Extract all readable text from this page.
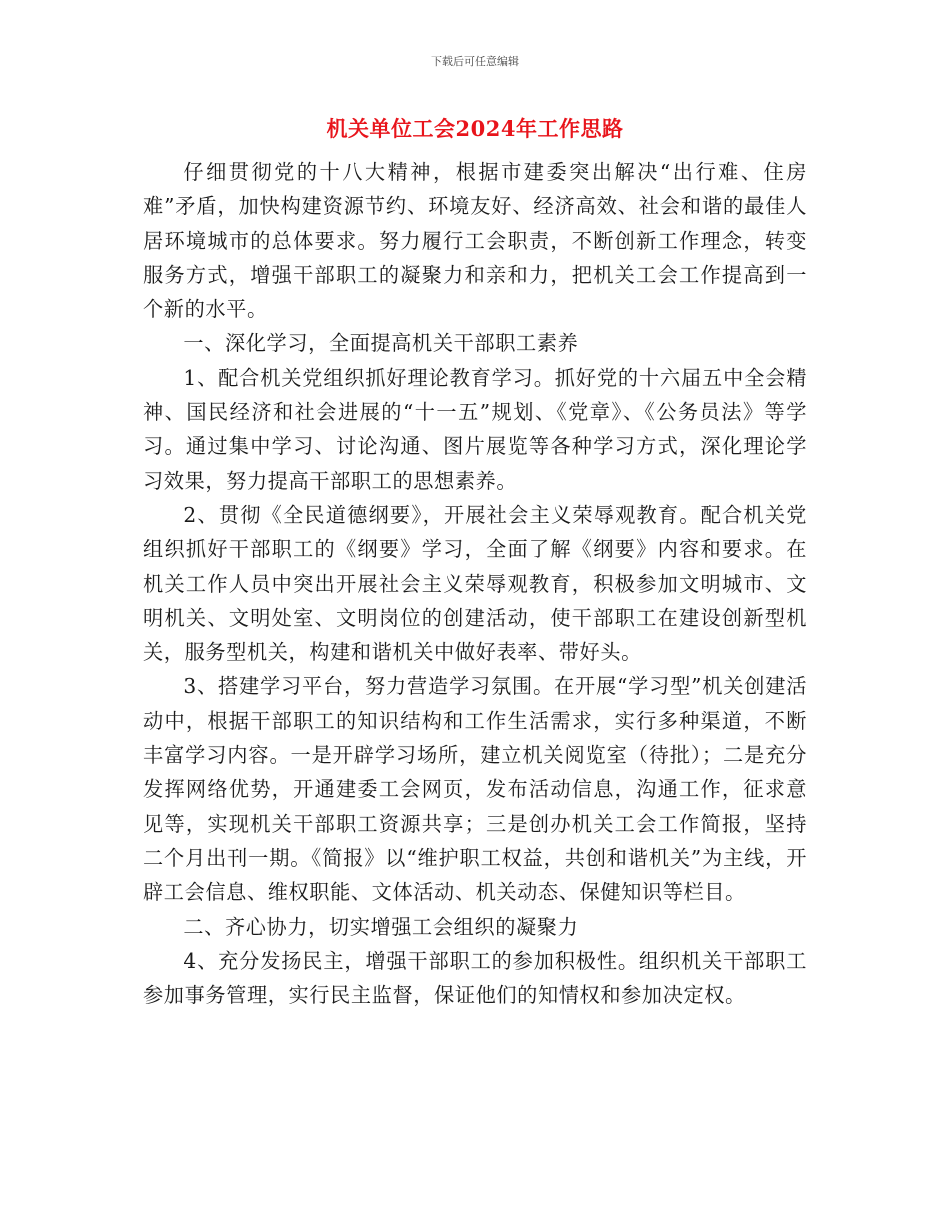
下载后可任意编辑
机关单位工会2024年工作思路

仔细贯彻党的十八大精神，根据市建委突出解决“出行难、住房难”矛盾，加快构建资源节约、环境友好、经济高效、社会和谐的最佳人居环境城市的总体要求。努力履行工会职责，不断创新工作理念，转变服务方式，增强干部职工的凝聚力和亲和力，把机关工会工作提高到一个新的水平。

一、深化学习，全面提高机关干部职工素养

1、配合机关党组织抓好理论教育学习。抓好党的十六届五中全会精神、国民经济和社会进展的“十一五”规划、《党章》、《公务员法》等学习。通过集中学习、讨论沟通、图片展览等各种学习方式，深化理论学习效果，努力提高干部职工的思想素养。

2、贯彻《全民道德纲要》，开展社会主义荣辱观教育。配合机关党组织抓好干部职工的《纲要》学习，全面了解《纲要》内容和要求。在机关工作人员中突出开展社会主义荣辱观教育，积极参加文明城市、文明机关、文明处室、文明岗位的创建活动，使干部职工在建设创新型机关，服务型机关，构建和谐机关中做好表率、带好头。

3、搭建学习平台，努力营造学习氛围。在开展“学习型”机关创建活动中，根据干部职工的知识结构和工作生活需求，实行多种渠道，不断丰富学习内容。一是开辟学习场所，建立机关阅览室（待批）；二是充分发挥网络优势，开通建委工会网页，发布活动信息，沟通工作，征求意见等，实现机关干部职工资源共享；三是创办机关工会工作简报，坚持二个月出刊一期。《简报》以“维护职工权益，共创和谐机关”为主线，开辟工会信息、维权职能、文体活动、机关动态、保健知识等栏目。

二、齐心协力，切实增强工会组织的凝聚力

4、充分发扬民主，增强干部职工的参加积极性。组织机关干部职工参加事务管理，实行民主监督，保证他们的知情权和参加决定权。
